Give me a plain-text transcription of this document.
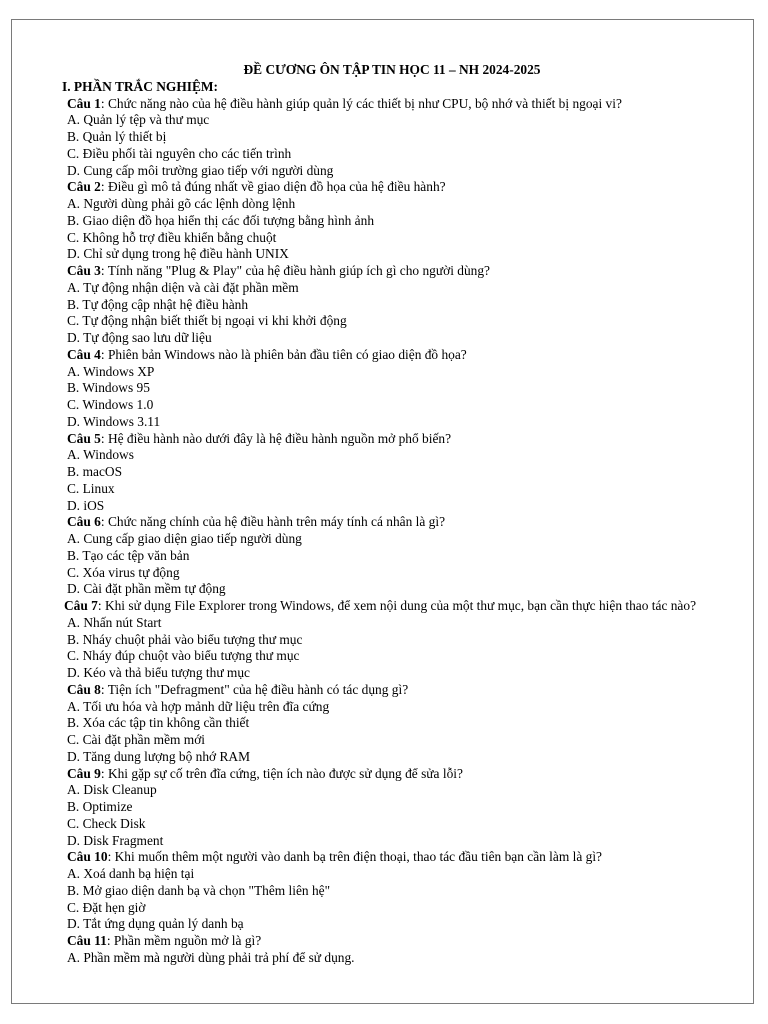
ĐỀ CƯƠNG ÔN TẬP TIN HỌC 11 – NH 2024-2025
I. PHẦN TRẮC NGHIỆM:
Câu 1: Chức năng nào của hệ điều hành giúp quản lý các thiết bị như CPU, bộ nhớ và thiết bị ngoại vi?
A. Quản lý tệp và thư mục
B. Quản lý thiết bị
C. Điều phối tài nguyên cho các tiến trình
D. Cung cấp môi trường giao tiếp với người dùng
Câu 2: Điều gì mô tả đúng nhất về giao diện đồ họa của hệ điều hành?
A. Người dùng phải gõ các lệnh dòng lệnh
B. Giao diện đồ họa hiển thị các đối tượng bằng hình ảnh
C. Không hỗ trợ điều khiển bằng chuột
D. Chỉ sử dụng trong hệ điều hành UNIX
Câu 3: Tính năng "Plug & Play" của hệ điều hành giúp ích gì cho người dùng?
A. Tự động nhận diện và cài đặt phần mềm
B. Tự động cập nhật hệ điều hành
C. Tự động nhận biết thiết bị ngoại vi khi khởi động
D. Tự động sao lưu dữ liệu
Câu 4: Phiên bản Windows nào là phiên bản đầu tiên có giao diện đồ họa?
A. Windows XP
B. Windows 95
C. Windows 1.0
D. Windows 3.11
Câu 5: Hệ điều hành nào dưới đây là hệ điều hành nguồn mở phổ biến?
A. Windows
B. macOS
C. Linux
D. iOS
Câu 6: Chức năng chính của hệ điều hành trên máy tính cá nhân là gì?
A. Cung cấp giao diện giao tiếp người dùng
B. Tạo các tệp văn bản
C. Xóa virus tự động
D. Cài đặt phần mềm tự động
Câu 7: Khi sử dụng File Explorer trong Windows, để xem nội dung của một thư mục, bạn cần thực hiện thao tác nào?
A. Nhấn nút Start
B. Nháy chuột phải vào biểu tượng thư mục
C. Nháy đúp chuột vào biểu tượng thư mục
D. Kéo và thả biểu tượng thư mục
Câu 8: Tiện ích "Defragment" của hệ điều hành có tác dụng gì?
A. Tối ưu hóa và hợp mảnh dữ liệu trên đĩa cứng
B. Xóa các tập tin không cần thiết
C. Cài đặt phần mềm mới
D. Tăng dung lượng bộ nhớ RAM
Câu 9: Khi gặp sự cố trên đĩa cứng, tiện ích nào được sử dụng để sửa lỗi?
A. Disk Cleanup
B. Optimize
C. Check Disk
D. Disk Fragment
Câu 10: Khi muốn thêm một người vào danh bạ trên điện thoại, thao tác đầu tiên bạn cần làm là gì?
A. Xoá danh bạ hiện tại
B. Mở giao diện danh bạ và chọn "Thêm liên hệ"
C. Đặt hẹn giờ
D. Tắt ứng dụng quản lý danh bạ
Câu 11: Phần mềm nguồn mở là gì?
A. Phần mềm mà người dùng phải trả phí để sử dụng.
